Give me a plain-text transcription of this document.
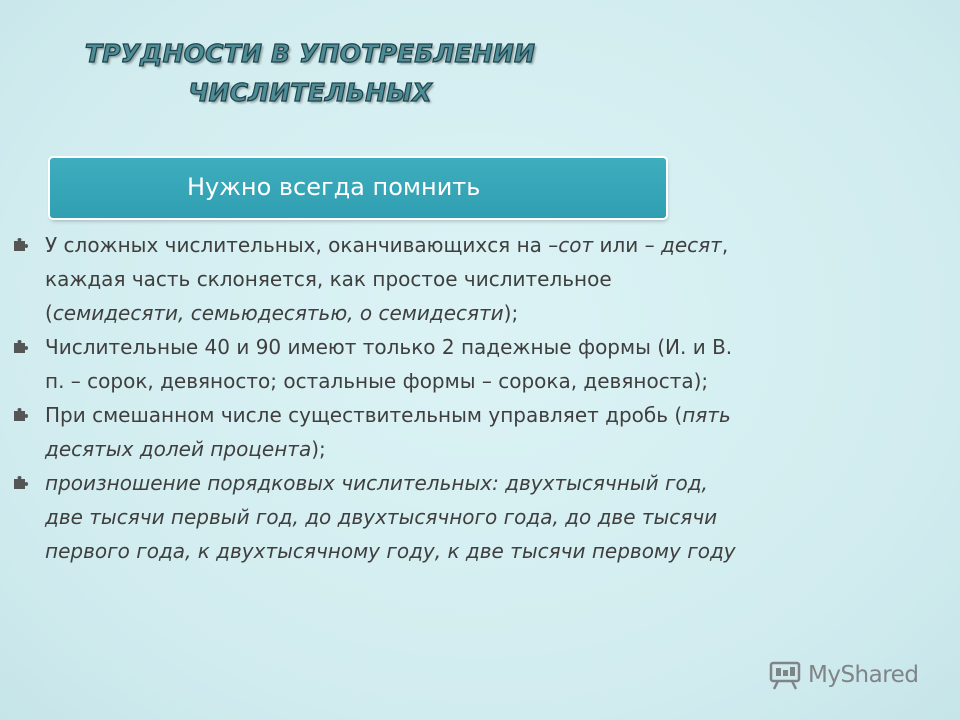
ТРУДНОСТИ В УПОТРЕБЛЕНИИ
ЧИСЛИТЕЛЬНЫХ
Нужно всегда помнить
У сложных числительных, оканчивающихся на –сот или – десят, каждая часть склоняется, как простое числительное (семидесяти, семьюдесятью, о семидесяти);
Числительные 40 и 90 имеют только 2 падежные формы (И. и В. п. – сорок, девяносто; остальные формы – сорока, девяноста);
При смешанном числе существительным управляет дробь (пять десятых долей процента);
произношение порядковых числительных: двухтысячный год, две тысячи первый год, до двухтысячного года, до две тысячи первого года, к двухтысячному году, к две тысячи первому году
MyShared
